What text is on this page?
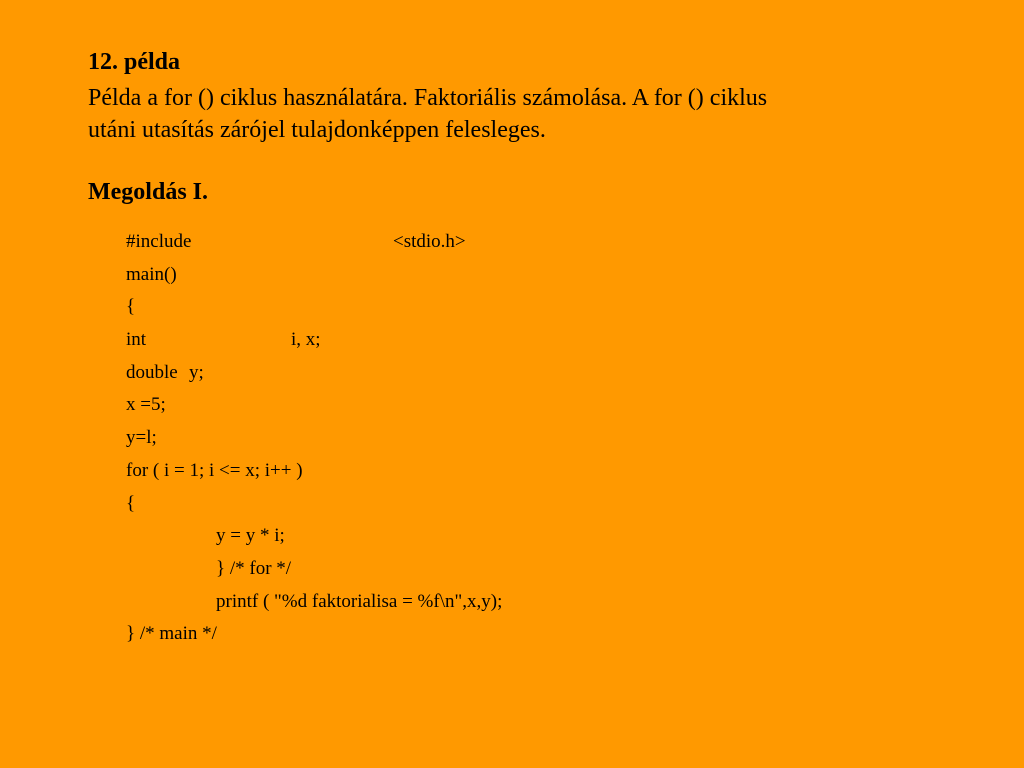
12. példa
Példa a for () ciklus használatára. Faktoriális számolása. A for () ciklus
utáni utasítás zárójel tulajdonképpen felesleges.
Megoldás I.

#include

	<stdio.h>

main()

{

int

	i, x;

double

y;

x =5;

y=l;

for ( i = 1; i <= x; i++ )

{

y = y * i;

} /* for */

printf ( "%d faktorialisa = %f\n",x,y);

} /* main */
